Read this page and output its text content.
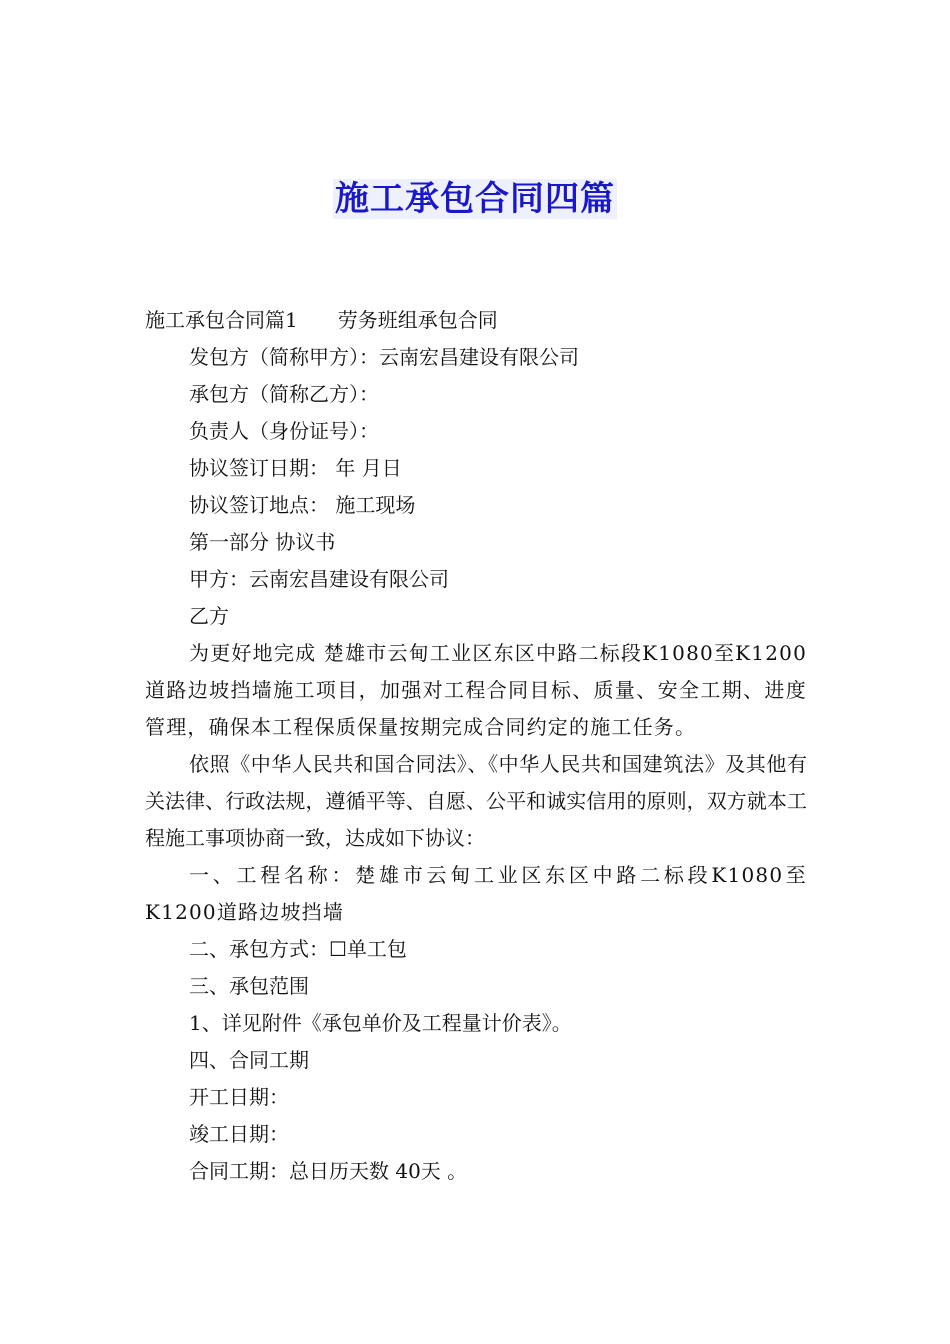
施工承包合同四篇

施工承包合同篇1 劳务班组承包合同

发包方（简称甲方）：云南宏昌建设有限公司

承包方（简称乙方）：

负责人（身份证号）：

协议签订日期： 年 月日

协议签订地点： 施工现场

第一部分 协议书

甲方：云南宏昌建设有限公司

乙方

为更好地完成 楚雄市云甸工业区东区中路二标段K1080至K1200道路边坡挡墙施工项目，加强对工程合同目标、质量、安全工期、进度管理，确保本工程保质保量按期完成合同约定的施工任务。

依照《中华人民共和国合同法》、《中华人民共和国建筑法》及其他有关法律、行政法规，遵循平等、自愿、公平和诚实信用的原则，双方就本工程施工事项协商一致，达成如下协议：

一、工程名称：楚雄市云甸工业区东区中路二标段K1080至K1200道路边坡挡墙

二、承包方式：☐单工包

三、承包范围

1、详见附件《承包单价及工程量计价表》。

四、合同工期

开工日期：

竣工日期：

合同工期：总日历天数 40天 。
